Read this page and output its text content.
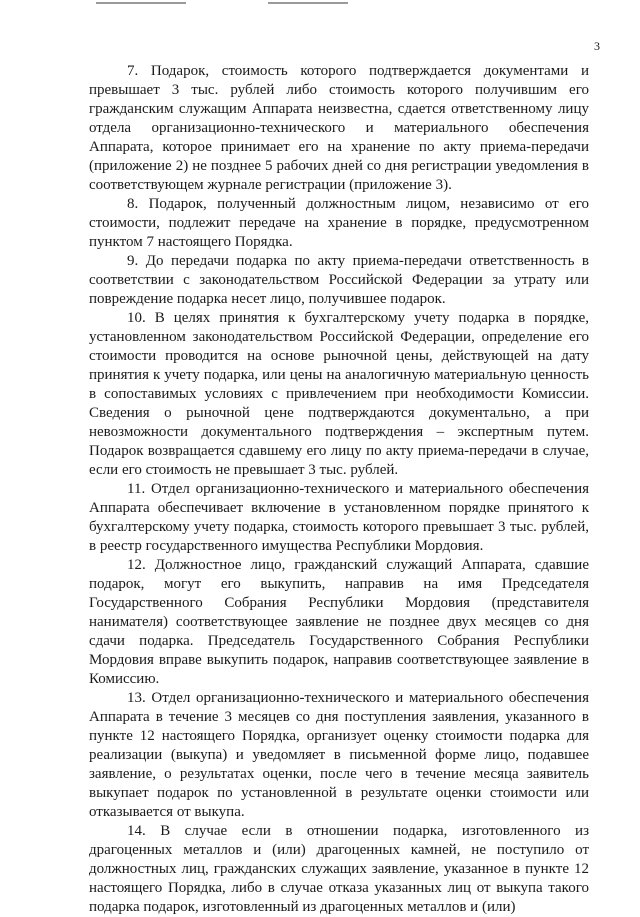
3

7. Подарок, стоимость которого подтверждается документами и превышает 3 тыс. рублей либо стоимость которого получившим его гражданским служащим Аппарата неизвестна, сдается ответственному лицу отдела организационно-технического и материального обеспечения Аппарата, которое принимает его на хранение по акту приема-передачи (приложение 2) не позднее 5 рабочих дней со дня регистрации уведомления в соответствующем журнале регистрации (приложение 3).

8. Подарок, полученный должностным лицом, независимо от его стоимости, подлежит передаче на хранение в порядке, предусмотренном пунктом 7 настоящего Порядка.

9. До передачи подарка по акту приема-передачи ответственность в соответствии с законодательством Российской Федерации за утрату или повреждение подарка несет лицо, получившее подарок.

10. В целях принятия к бухгалтерскому учету подарка в порядке, установленном законодательством Российской Федерации, определение его стоимости проводится на основе рыночной цены, действующей на дату принятия к учету подарка, или цены на аналогичную материальную ценность в сопоставимых условиях с привлечением при необходимости Комиссии. Сведения о рыночной цене подтверждаются документально, а при невозможности документального подтверждения – экспертным путем. Подарок возвращается сдавшему его лицу по акту приема-передачи в случае, если его стоимость не превышает 3 тыс. рублей.

11. Отдел организационно-технического и материального обеспечения Аппарата обеспечивает включение в установленном порядке принятого к бухгалтерскому учету подарка, стоимость которого превышает 3 тыс. рублей, в реестр государственного имущества Республики Мордовия.

12. Должностное лицо, гражданский служащий Аппарата, сдавшие подарок, могут его выкупить, направив на имя Председателя Государственного Собрания Республики Мордовия (представителя нанимателя) соответствующее заявление не позднее двух месяцев со дня сдачи подарка. Председатель Государственного Собрания Республики Мордовия вправе выкупить подарок, направив соответствующее заявление в Комиссию.

13. Отдел организационно-технического и материального обеспечения Аппарата в течение 3 месяцев со дня поступления заявления, указанного в пункте 12 настоящего Порядка, организует оценку стоимости подарка для реализации (выкупа) и уведомляет в письменной форме лицо, подавшее заявление, о результатах оценки, после чего в течение месяца заявитель выкупает подарок по установленной в результате оценки стоимости или отказывается от выкупа.

14. В случае если в отношении подарка, изготовленного из драгоценных металлов и (или) драгоценных камней, не поступило от должностных лиц, гражданских служащих заявление, указанное в пункте 12 настоящего Порядка, либо в случае отказа указанных лиц от выкупа такого подарка подарок, изготовленный из драгоценных металлов и (или)
